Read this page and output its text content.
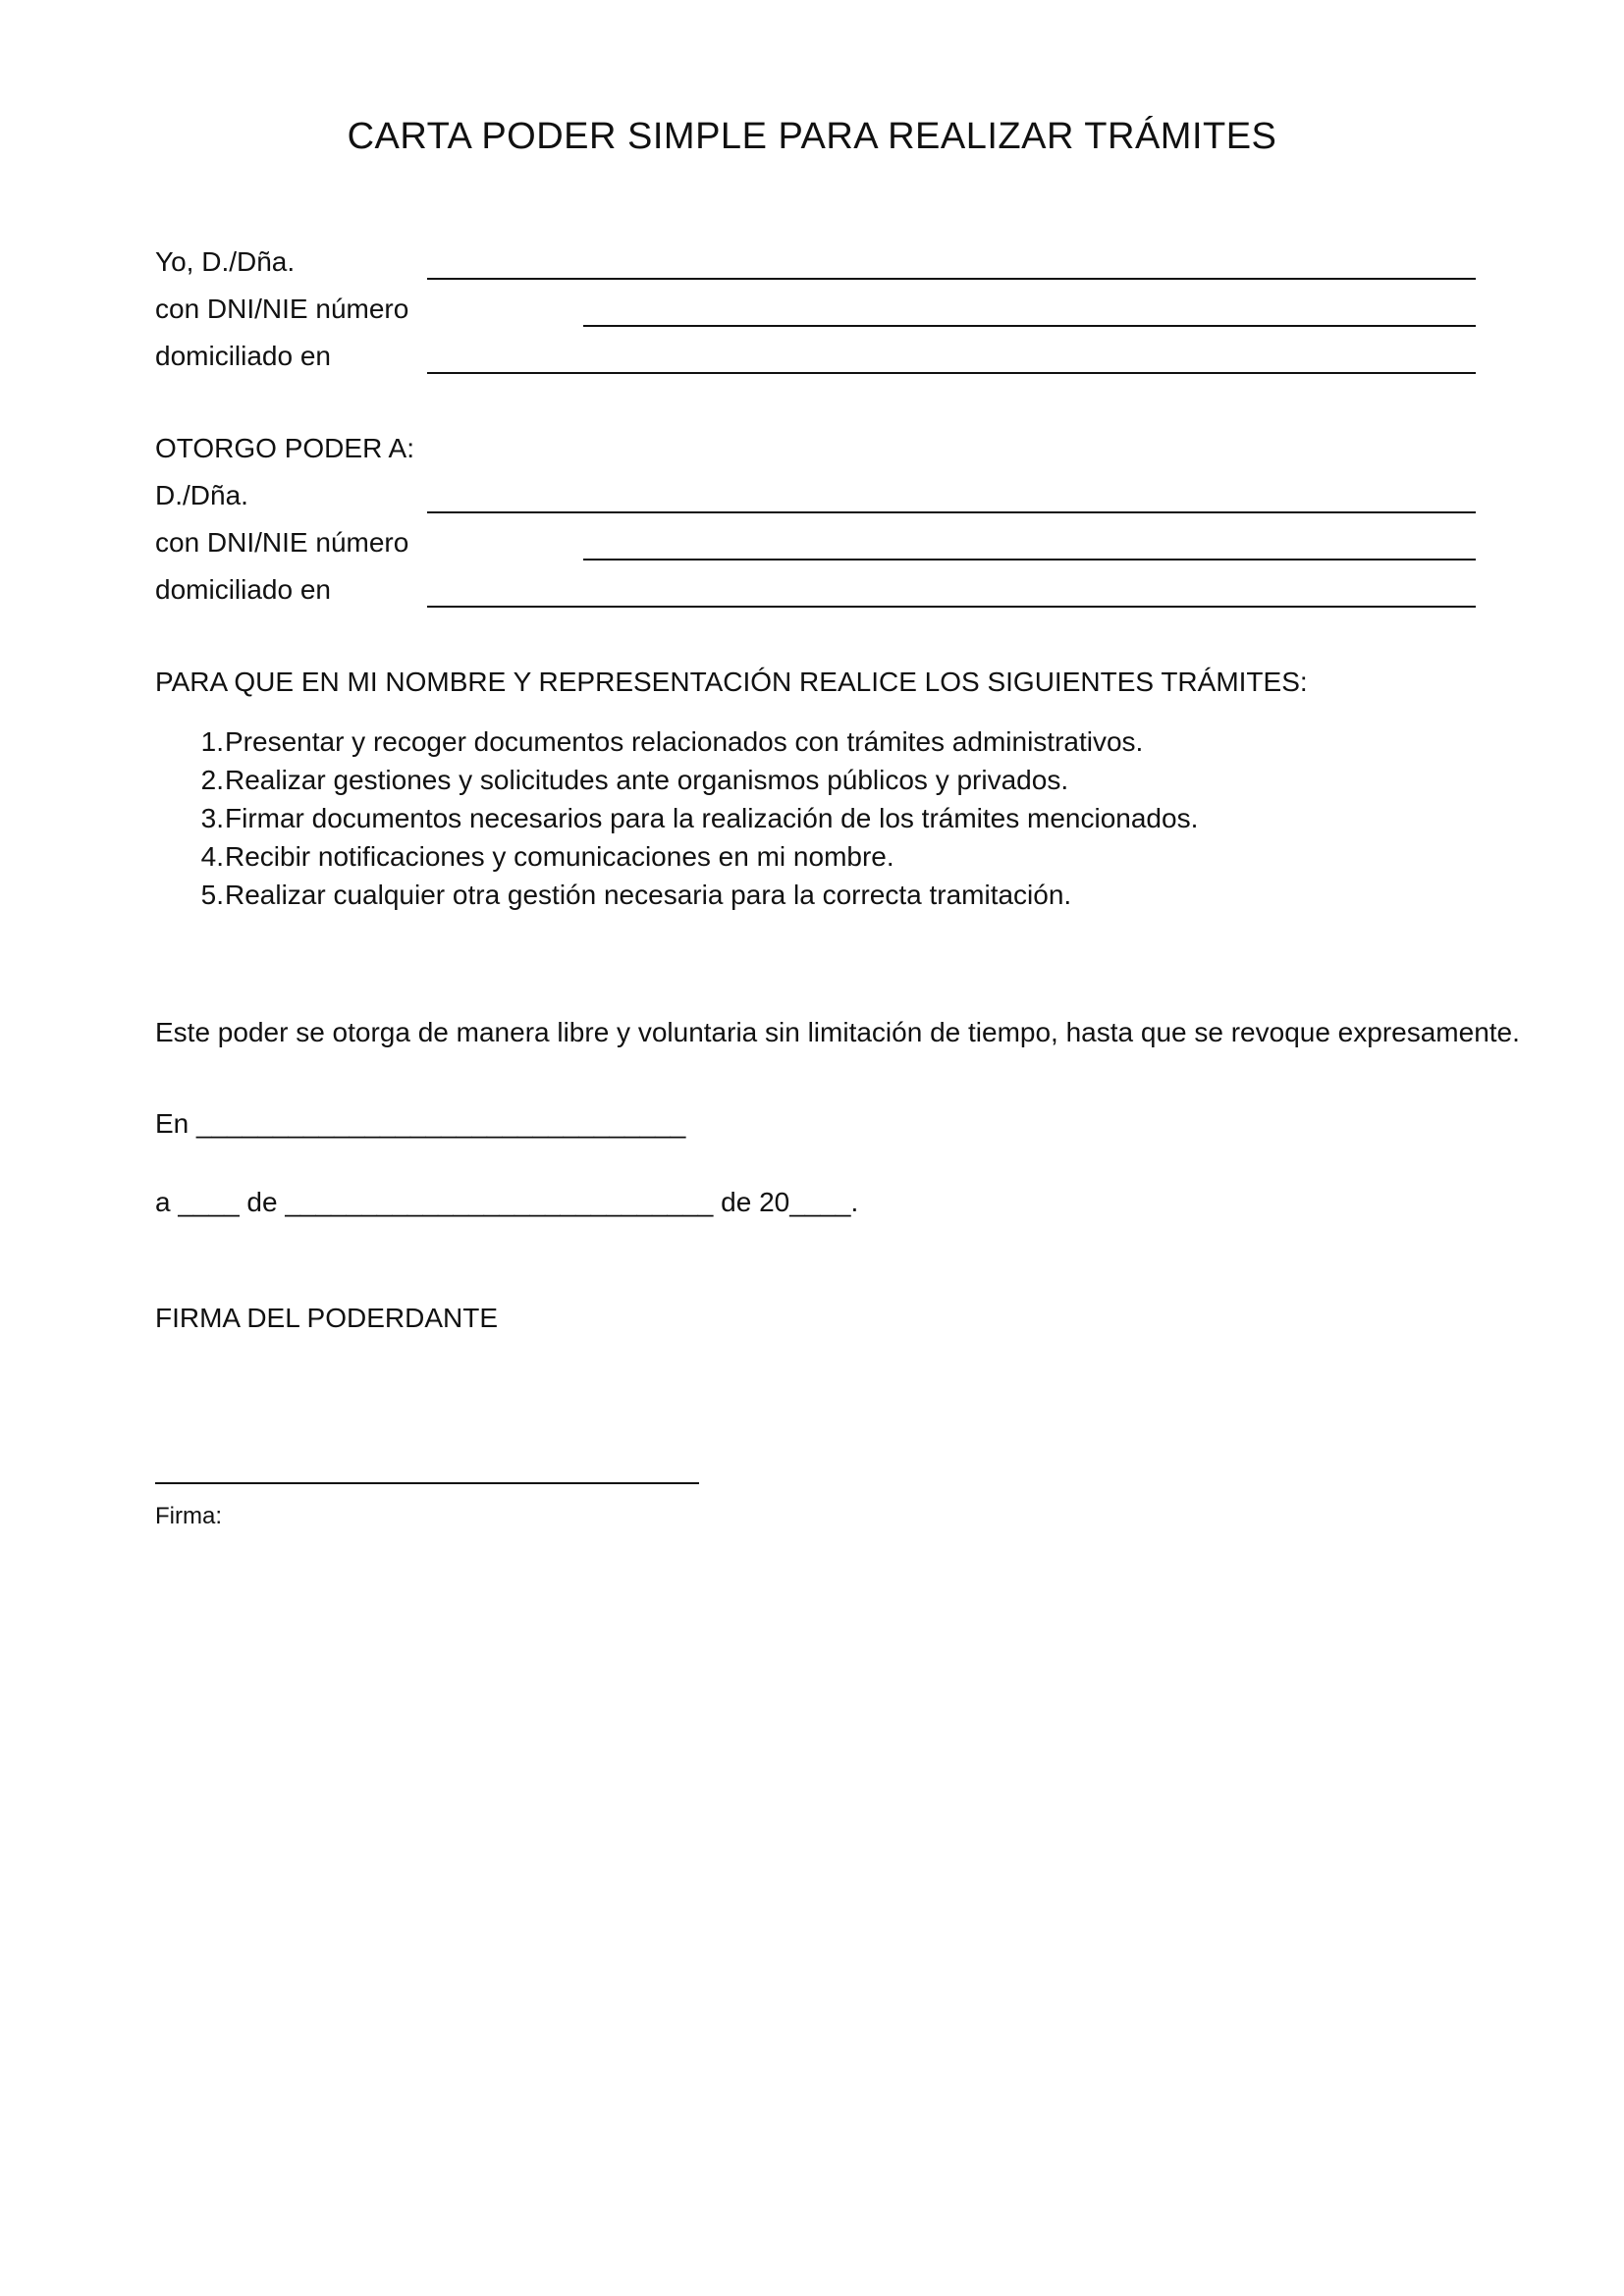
CARTA PODER SIMPLE PARA REALIZAR TRÁMITES
Yo, D./Dña.
con DNI/NIE número
domiciliado en
OTORGO PODER A:
D./Dña.
con DNI/NIE número
domiciliado en
PARA QUE EN MI NOMBRE Y REPRESENTACIÓN REALICE LOS SIGUIENTES TRÁMITES:
1. Presentar y recoger documentos relacionados con trámites administrativos.
2. Realizar gestiones y solicitudes ante organismos públicos y privados.
3. Firmar documentos necesarios para la realización de los trámites mencionados.
4. Recibir notificaciones y comunicaciones en mi nombre.
5. Realizar cualquier otra gestión necesaria para la correcta tramitación.
Este poder se otorga de manera libre y voluntaria sin limitación de tiempo, hasta que se revoque expresamente.
En ________________________________
a ____ de ____________________________ de 20____.
FIRMA DEL PODERDANTE
Firma:
